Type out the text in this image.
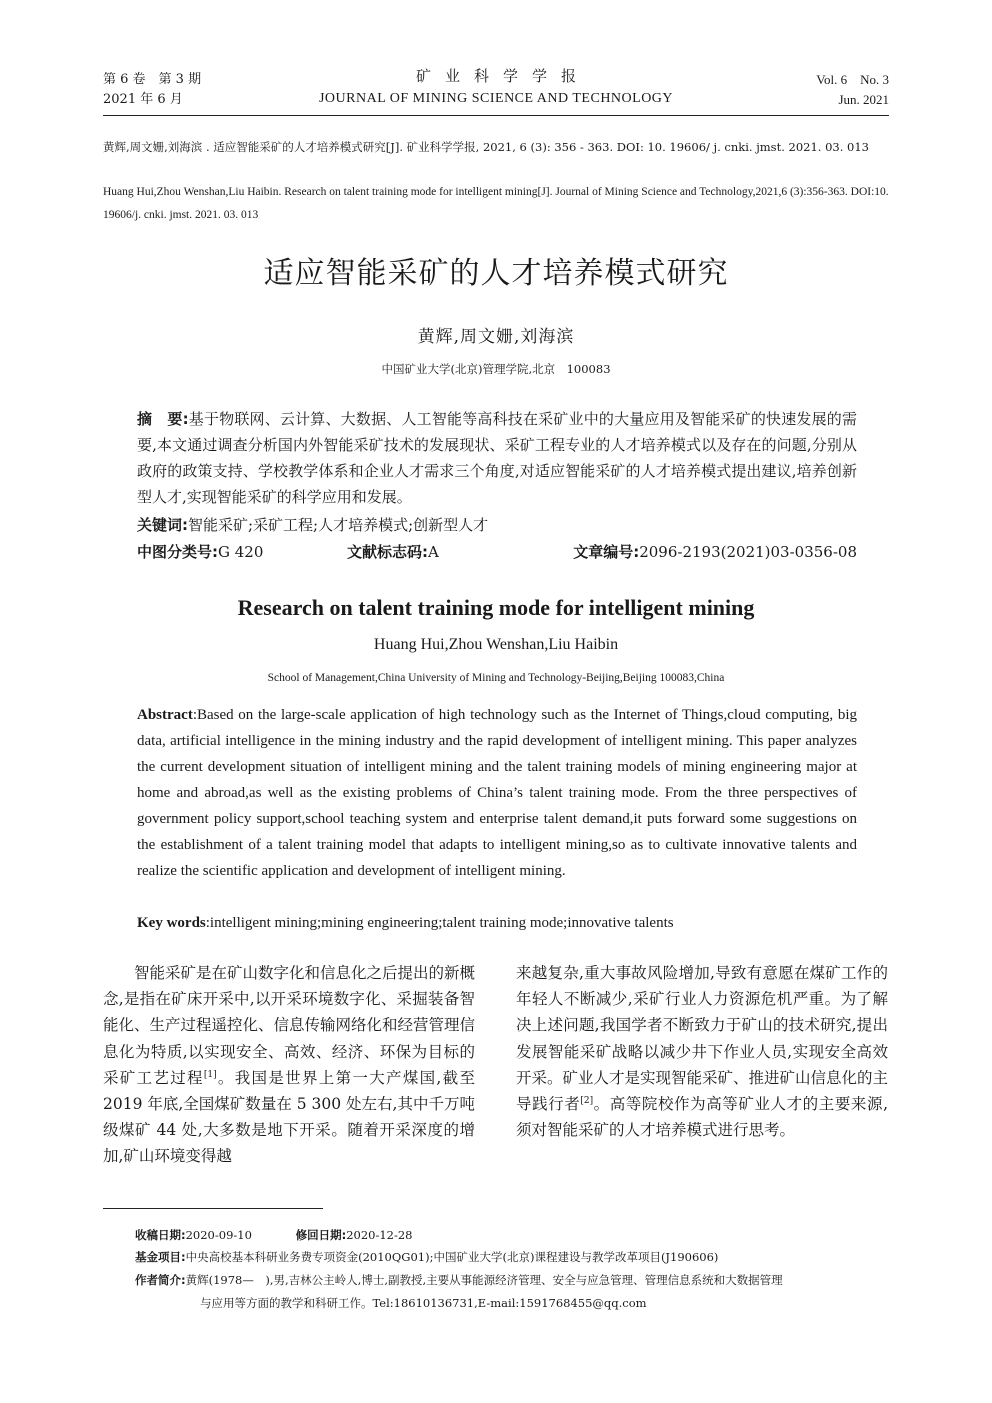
第 6 卷　第 3 期
2021 年 6 月
矿业科学学报
JOURNAL OF MINING SCIENCE AND TECHNOLOGY
Vol. 6　No. 3
Jun. 2021
黄辉,周文姗,刘海滨 . 适应智能采矿的人才培养模式研究[J]. 矿业科学学报, 2021, 6 (3): 356 - 363. DOI: 10. 19606/ j. cnki. jmst. 2021. 03. 013
Huang Hui,Zhou Wenshan,Liu Haibin. Research on talent training mode for intelligent mining[J]. Journal of Mining Science and Technology,2021,6 (3):356-363. DOI:10. 19606/j. cnki. jmst. 2021. 03. 013
适应智能采矿的人才培养模式研究
黄辉,周文姗,刘海滨
中国矿业大学(北京)管理学院,北京　100083
摘　要:基于物联网、云计算、大数据、人工智能等高科技在采矿业中的大量应用及智能采矿的快速发展的需要,本文通过调查分析国内外智能采矿技术的发展现状、采矿工程专业的人才培养模式以及存在的问题,分别从政府的政策支持、学校教学体系和企业人才需求三个角度,对适应智能采矿的人才培养模式提出建议,培养创新型人才,实现智能采矿的科学应用和发展。
关键词:智能采矿;采矿工程;人才培养模式;创新型人才
中图分类号:G 420	文献标志码:A	文章编号:2096-2193(2021)03-0356-08
Research on talent training mode for intelligent mining
Huang Hui,Zhou Wenshan,Liu Haibin
School of Management,China University of Mining and Technology-Beijing,Beijing 100083,China
Abstract:Based on the large-scale application of high technology such as the Internet of Things,cloud computing, big data, artificial intelligence in the mining industry and the rapid development of intelligent mining. This paper analyzes the current development situation of intelligent mining and the talent training models of mining engineering major at home and abroad,as well as the existing problems of China’s talent training mode. From the three perspectives of government policy support,school teaching system and enterprise talent demand,it puts forward some suggestions on the establishment of a talent training model that adapts to intelligent mining,so as to cultivate innovative talents and realize the scientific application and development of intelligent mining.
Key words:intelligent mining;mining engineering;talent training mode;innovative talents
智能采矿是在矿山数字化和信息化之后提出的新概念,是指在矿床开采中,以开采环境数字化、采掘装备智能化、生产过程遥控化、信息传输网络化和经营管理信息化为特质,以实现安全、高效、经济、环保为目标的采矿工艺过程[1]。我国是世界上第一大产煤国,截至 2019 年底,全国煤矿数量在 5 300 处左右,其中千万吨级煤矿 44 处,大多数是地下开采。随着开采深度的增加,矿山环境变得越
来越复杂,重大事故风险增加,导致有意愿在煤矿工作的年轻人不断减少,采矿行业人力资源危机严重。为了解决上述问题,我国学者不断致力于矿山的技术研究,提出发展智能采矿战略以减少井下作业人员,实现安全高效开采。矿业人才是实现智能采矿、推进矿山信息化的主导践行者[2]。高等院校作为高等矿业人才的主要来源,须对智能采矿的人才培养模式进行思考。
收稿日期:2020-09-10	修回日期:2020-12-28
基金项目:中央高校基本科研业务费专项资金(2010QG01);中国矿业大学(北京)课程建设与教学改革项目(J190606)
作者简介:黄辉(1978—　),男,吉林公主岭人,博士,副教授,主要从事能源经济管理、安全与应急管理、管理信息系统和大数据管理
与应用等方面的教学和科研工作。Tel:18610136731,E-mail:1591768455@qq.com
